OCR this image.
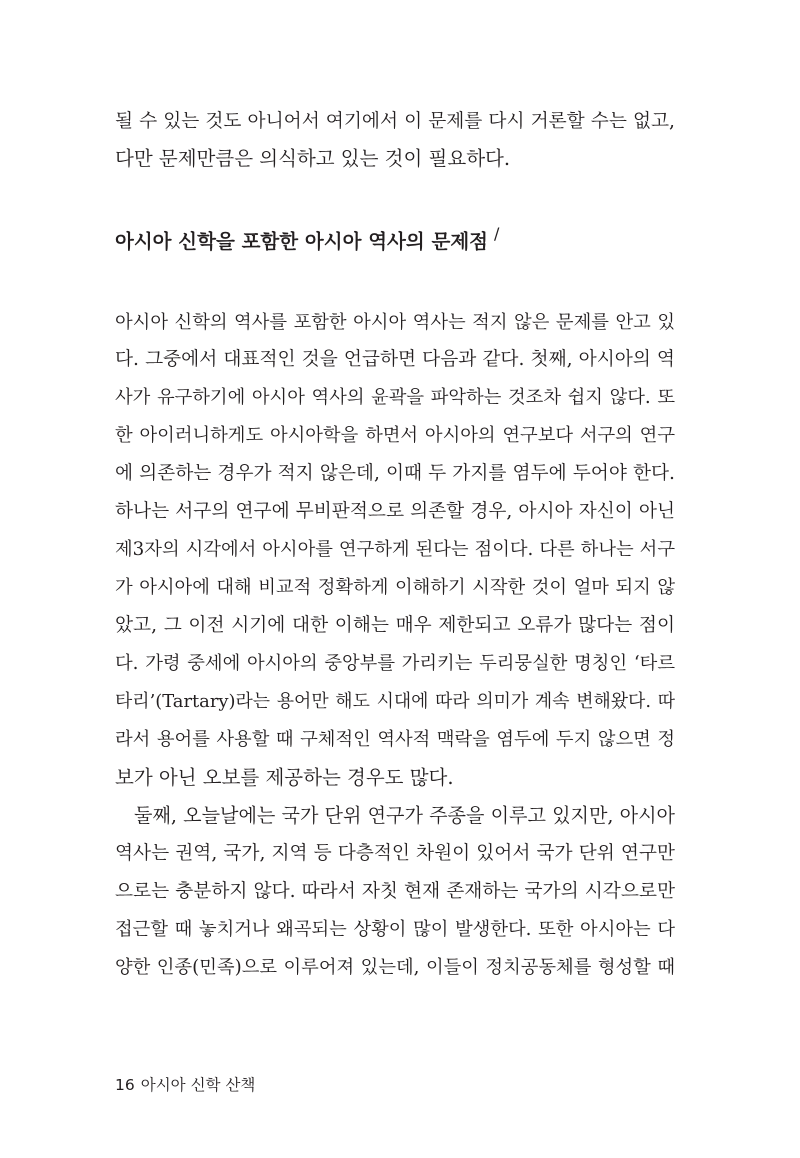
될 수 있는 것도 아니어서 여기에서 이 문제를 다시 거론할 수는 없고,
다만 문제만큼은 의식하고 있는 것이 필요하다.
아시아 신학을 포함한 아시아 역사의 문제점 /
아시아 신학의 역사를 포함한 아시아 역사는 적지 않은 문제를 안고 있
다. 그중에서 대표적인 것을 언급하면 다음과 같다. 첫째, 아시아의 역
사가 유구하기에 아시아 역사의 윤곽을 파악하는 것조차 쉽지 않다. 또
한 아이러니하게도 아시아학을 하면서 아시아의 연구보다 서구의 연구
에 의존하는 경우가 적지 않은데, 이때 두 가지를 염두에 두어야 한다.
하나는 서구의 연구에 무비판적으로 의존할 경우, 아시아 자신이 아닌
제3자의 시각에서 아시아를 연구하게 된다는 점이다. 다른 하나는 서구
가 아시아에 대해 비교적 정확하게 이해하기 시작한 것이 얼마 되지 않
았고, 그 이전 시기에 대한 이해는 매우 제한되고 오류가 많다는 점이
다. 가령 중세에 아시아의 중앙부를 가리키는 두리뭉실한 명칭인 ‘타르
타리’(Tartary)라는 용어만 해도 시대에 따라 의미가 계속 변해왔다. 따
라서 용어를 사용할 때 구체적인 역사적 맥락을 염두에 두지 않으면 정
보가 아닌 오보를 제공하는 경우도 많다.
둘째, 오늘날에는 국가 단위 연구가 주종을 이루고 있지만, 아시아
역사는 권역, 국가, 지역 등 다층적인 차원이 있어서 국가 단위 연구만
으로는 충분하지 않다. 따라서 자칫 현재 존재하는 국가의 시각으로만
접근할 때 놓치거나 왜곡되는 상황이 많이 발생한다. 또한 아시아는 다
양한 인종(민족)으로 이루어져 있는데, 이들이 정치공동체를 형성할 때
16 아시아 신학 산책
